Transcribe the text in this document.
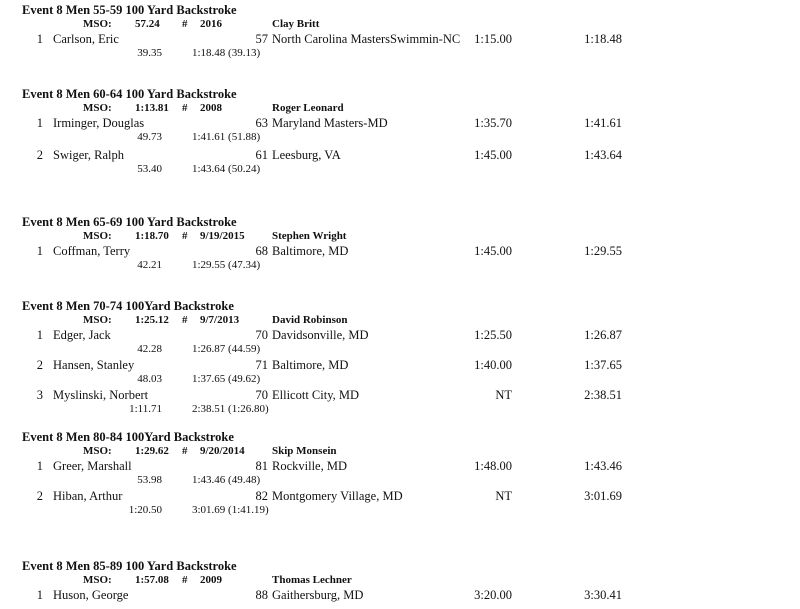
Event 8 Men 55-59 100 Yard Backstroke
MSO: 57.24 # 2016	Clay Britt
1 Carlson, Eric	57 North Carolina MastersSwimmin-NC 1:15.00	1:18.48
39.35	1:18.48 (39.13)
Event 8 Men 60-64 100 Yard Backstroke
MSO: 1:13.81 # 2008	Roger Leonard
1 Irminger, Douglas	63 Maryland Masters-MD	1:35.70	1:41.61
49.73	1:41.61 (51.88)
2 Swiger, Ralph	61 Leesburg, VA	1:45.00	1:43.64
53.40	1:43.64 (50.24)
Event 8 Men 65-69 100 Yard Backstroke
MSO: 1:18.70 # 9/19/2015 Stephen Wright
1 Coffman, Terry	68 Baltimore, MD	1:45.00	1:29.55
42.21	1:29.55 (47.34)
Event 8 Men 70-74 100Yard Backstroke
MSO: 1:25.12 # 9/7/2013	David Robinson
1 Edger, Jack	70 Davidsonville, MD	1:25.50	1:26.87
42.28	1:26.87 (44.59)
2 Hansen, Stanley	71 Baltimore, MD	1:40.00	1:37.65
48.03	1:37.65 (49.62)
3 Myslinski, Norbert	70 Ellicott City, MD	NT	2:38.51
1:11.71	2:38.51 (1:26.80)
Event 8 Men 80-84 100Yard Backstroke
MSO: 1:29.62 # 9/20/2014 Skip Monsein
1 Greer, Marshall	81 Rockville, MD	1:48.00	1:43.46
53.98	1:43.46 (49.48)
2 Hiban, Arthur	82 Montgomery Village, MD	NT	3:01.69
1:20.50	3:01.69 (1:41.19)
Event 8 Men 85-89 100 Yard Backstroke
MSO: 1:57.08 # 2009	Thomas Lechner
1 Huson, George	88 Gaithersburg, MD	3:20.00	3:30.41
